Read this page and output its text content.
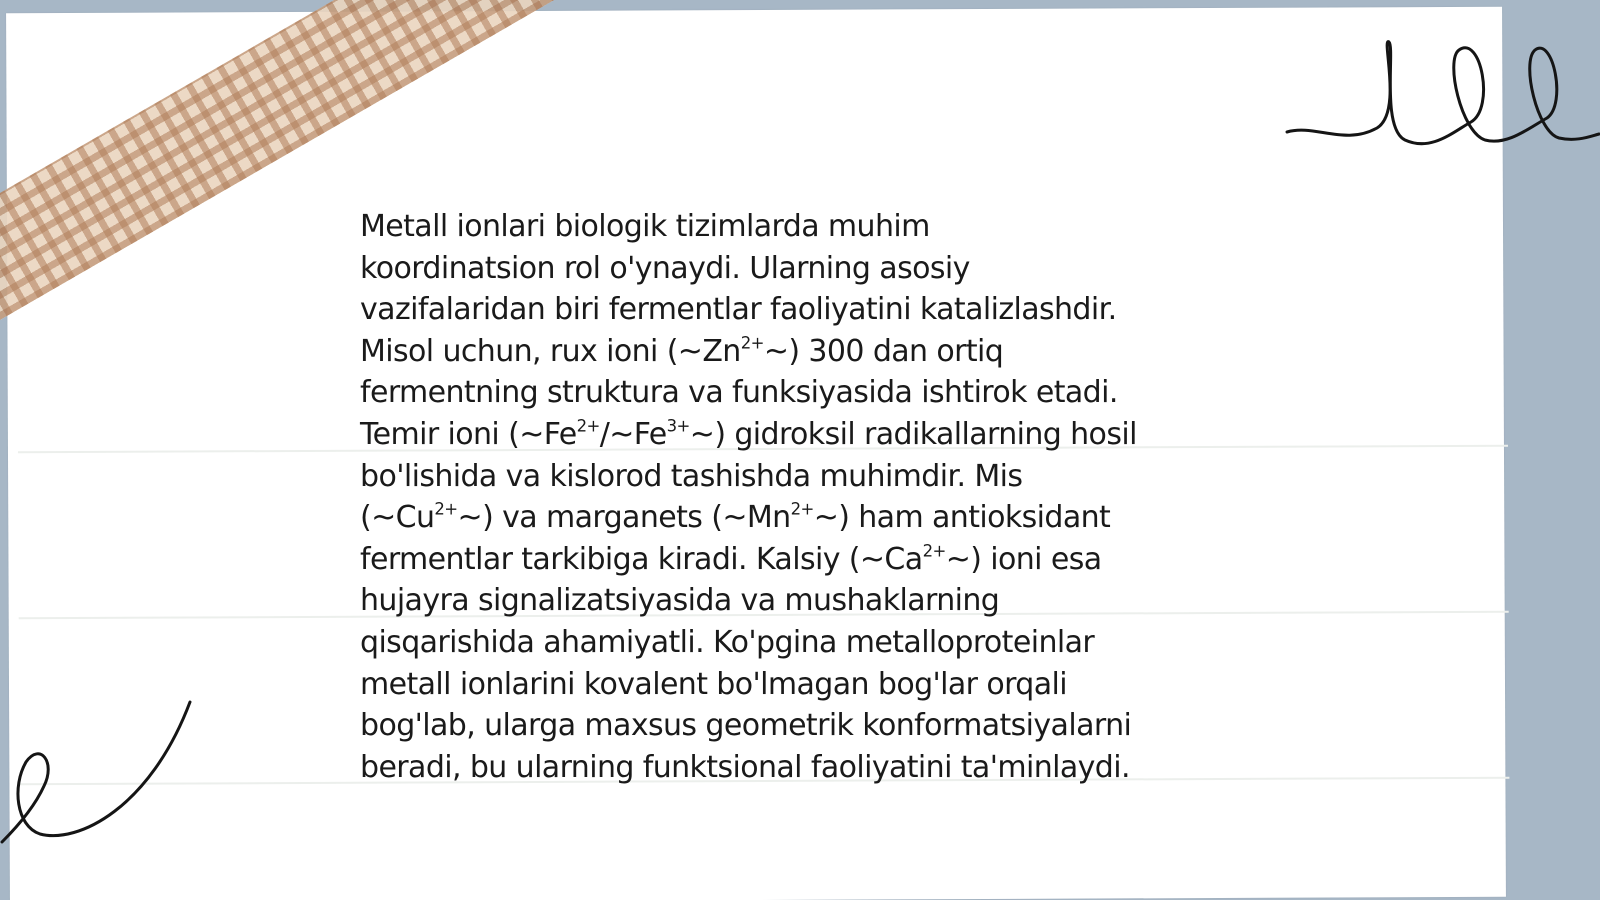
Metall ionlari biologik tizimlarda muhim
koordinatsion rol o'ynaydi. Ularning asosiy
vazifalaridan biri fermentlar faoliyatini katalizlashdir.
Misol uchun, rux ioni $(\sim Zn^{2+}\sim)$ 300 dan ortiq
fermentning struktura va funksiyasida ishtirok etadi.
Temir ioni $(\sim Fe^{2+}/\sim Fe^{3+}\sim)$ gidroksil radikallarning hosil
bo'lishida va kislorod tashishda muhimdir. Mis
$(\sim Cu^{2+}\sim)$ va marganets $(\sim Mn^{2+}\sim)$ ham antioksidant
fermentlar tarkibiga kiradi. Kalsiy $(\sim Ca^{2+}\sim)$ ioni esa
hujayra signalizatsiyasida va mushaklarning
qisqarishida ahamiyatli. Ko'pgina metalloproteinlar
metall ionlarini kovalent bo'lmagan bog'lar orqali
bog'lab, ularga maxsus geometrik konformatsiyalarni
beradi, bu ularning funktsional faoliyatini ta'minlaydi.
